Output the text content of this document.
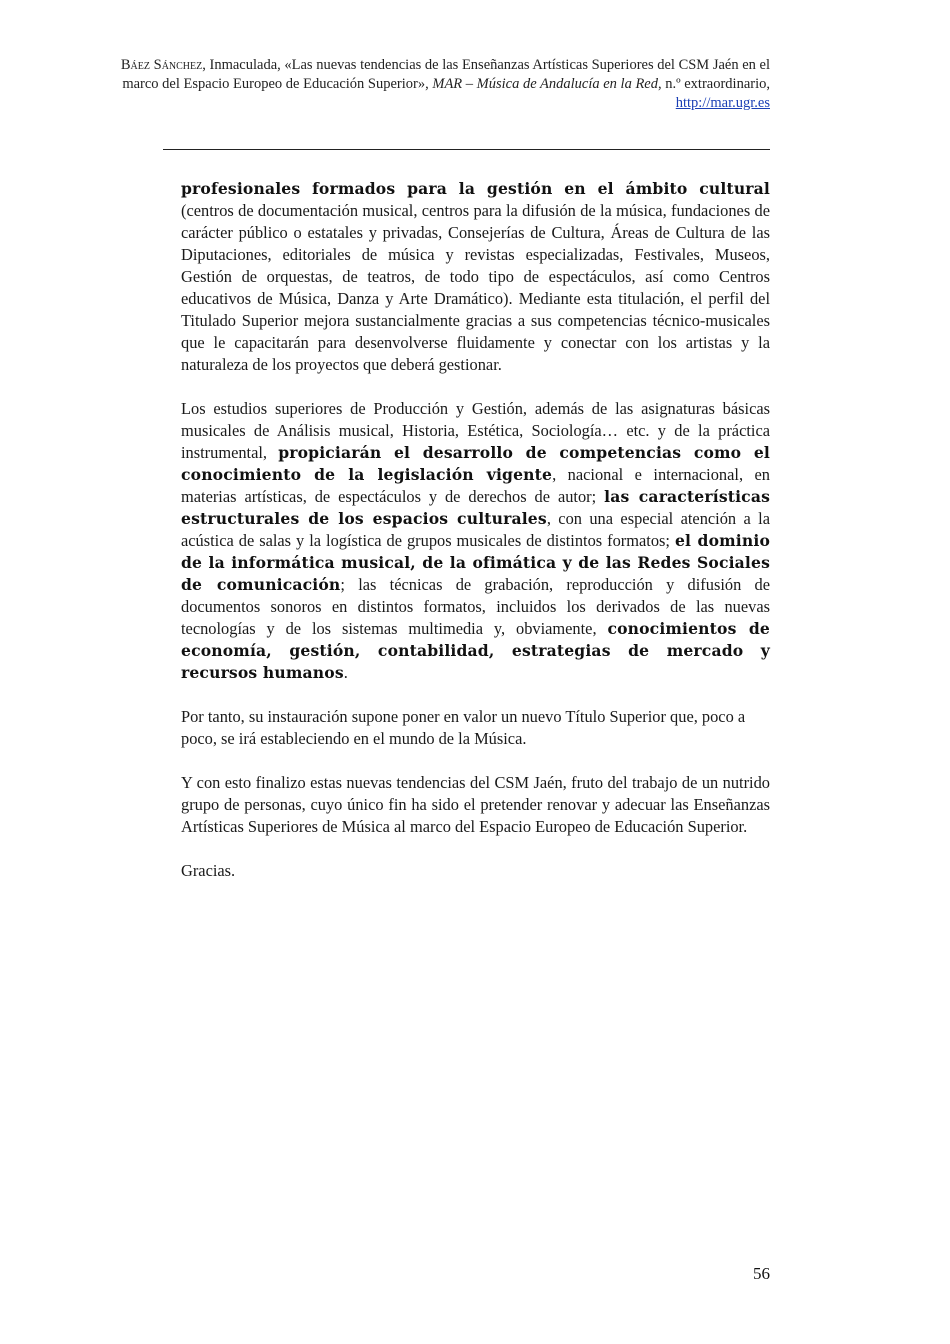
Báez Sánchez, Inmaculada, «Las nuevas tendencias de las Enseñanzas Artísticas Superiores del CSM Jaén en el marco del Espacio Europeo de Educación Superior», MAR – Música de Andalucía en la Red, n.º extraordinario, http://mar.ugr.es

profesionales formados para la gestión en el ámbito cultural (centros de documentación musical, centros para la difusión de la música, fundaciones de carácter público o estatales y privadas, Consejerías de Cultura, Áreas de Cultura de las Diputaciones, editoriales de música y revistas especializadas, Festivales, Museos, Gestión de orquestas, de teatros, de todo tipo de espectáculos, así como Centros educativos de Música, Danza y Arte Dramático). Mediante esta titulación, el perfil del Titulado Superior mejora sustancialmente gracias a sus competencias técnico-musicales que le capacitarán para desenvolverse fluidamente y conectar con los artistas y la naturaleza de los proyectos que deberá gestionar.

Los estudios superiores de Producción y Gestión, además de las asignaturas básicas musicales de Análisis musical, Historia, Estética, Sociología… etc. y de la práctica instrumental, propiciarán el desarrollo de competencias como el conocimiento de la legislación vigente, nacional e internacional, en materias artísticas, de espectáculos y de derechos de autor; las características estructurales de los espacios culturales, con una especial atención a la acústica de salas y la logística de grupos musicales de distintos formatos; el dominio de la informática musical, de la ofimática y de las Redes Sociales de comunicación; las técnicas de grabación, reproducción y difusión de documentos sonoros en distintos formatos, incluidos los derivados de las nuevas tecnologías y de los sistemas multimedia y, obviamente, conocimientos de economía, gestión, contabilidad, estrategias de mercado y recursos humanos.

Por tanto, su instauración supone poner en valor un nuevo Título Superior que, poco a poco, se irá estableciendo en el mundo de la Música.

Y con esto finalizo estas nuevas tendencias del CSM Jaén, fruto del trabajo de un nutrido grupo de personas, cuyo único fin ha sido el pretender renovar y adecuar las Enseñanzas Artísticas Superiores de Música al marco del Espacio Europeo de Educación Superior.

Gracias.

56
